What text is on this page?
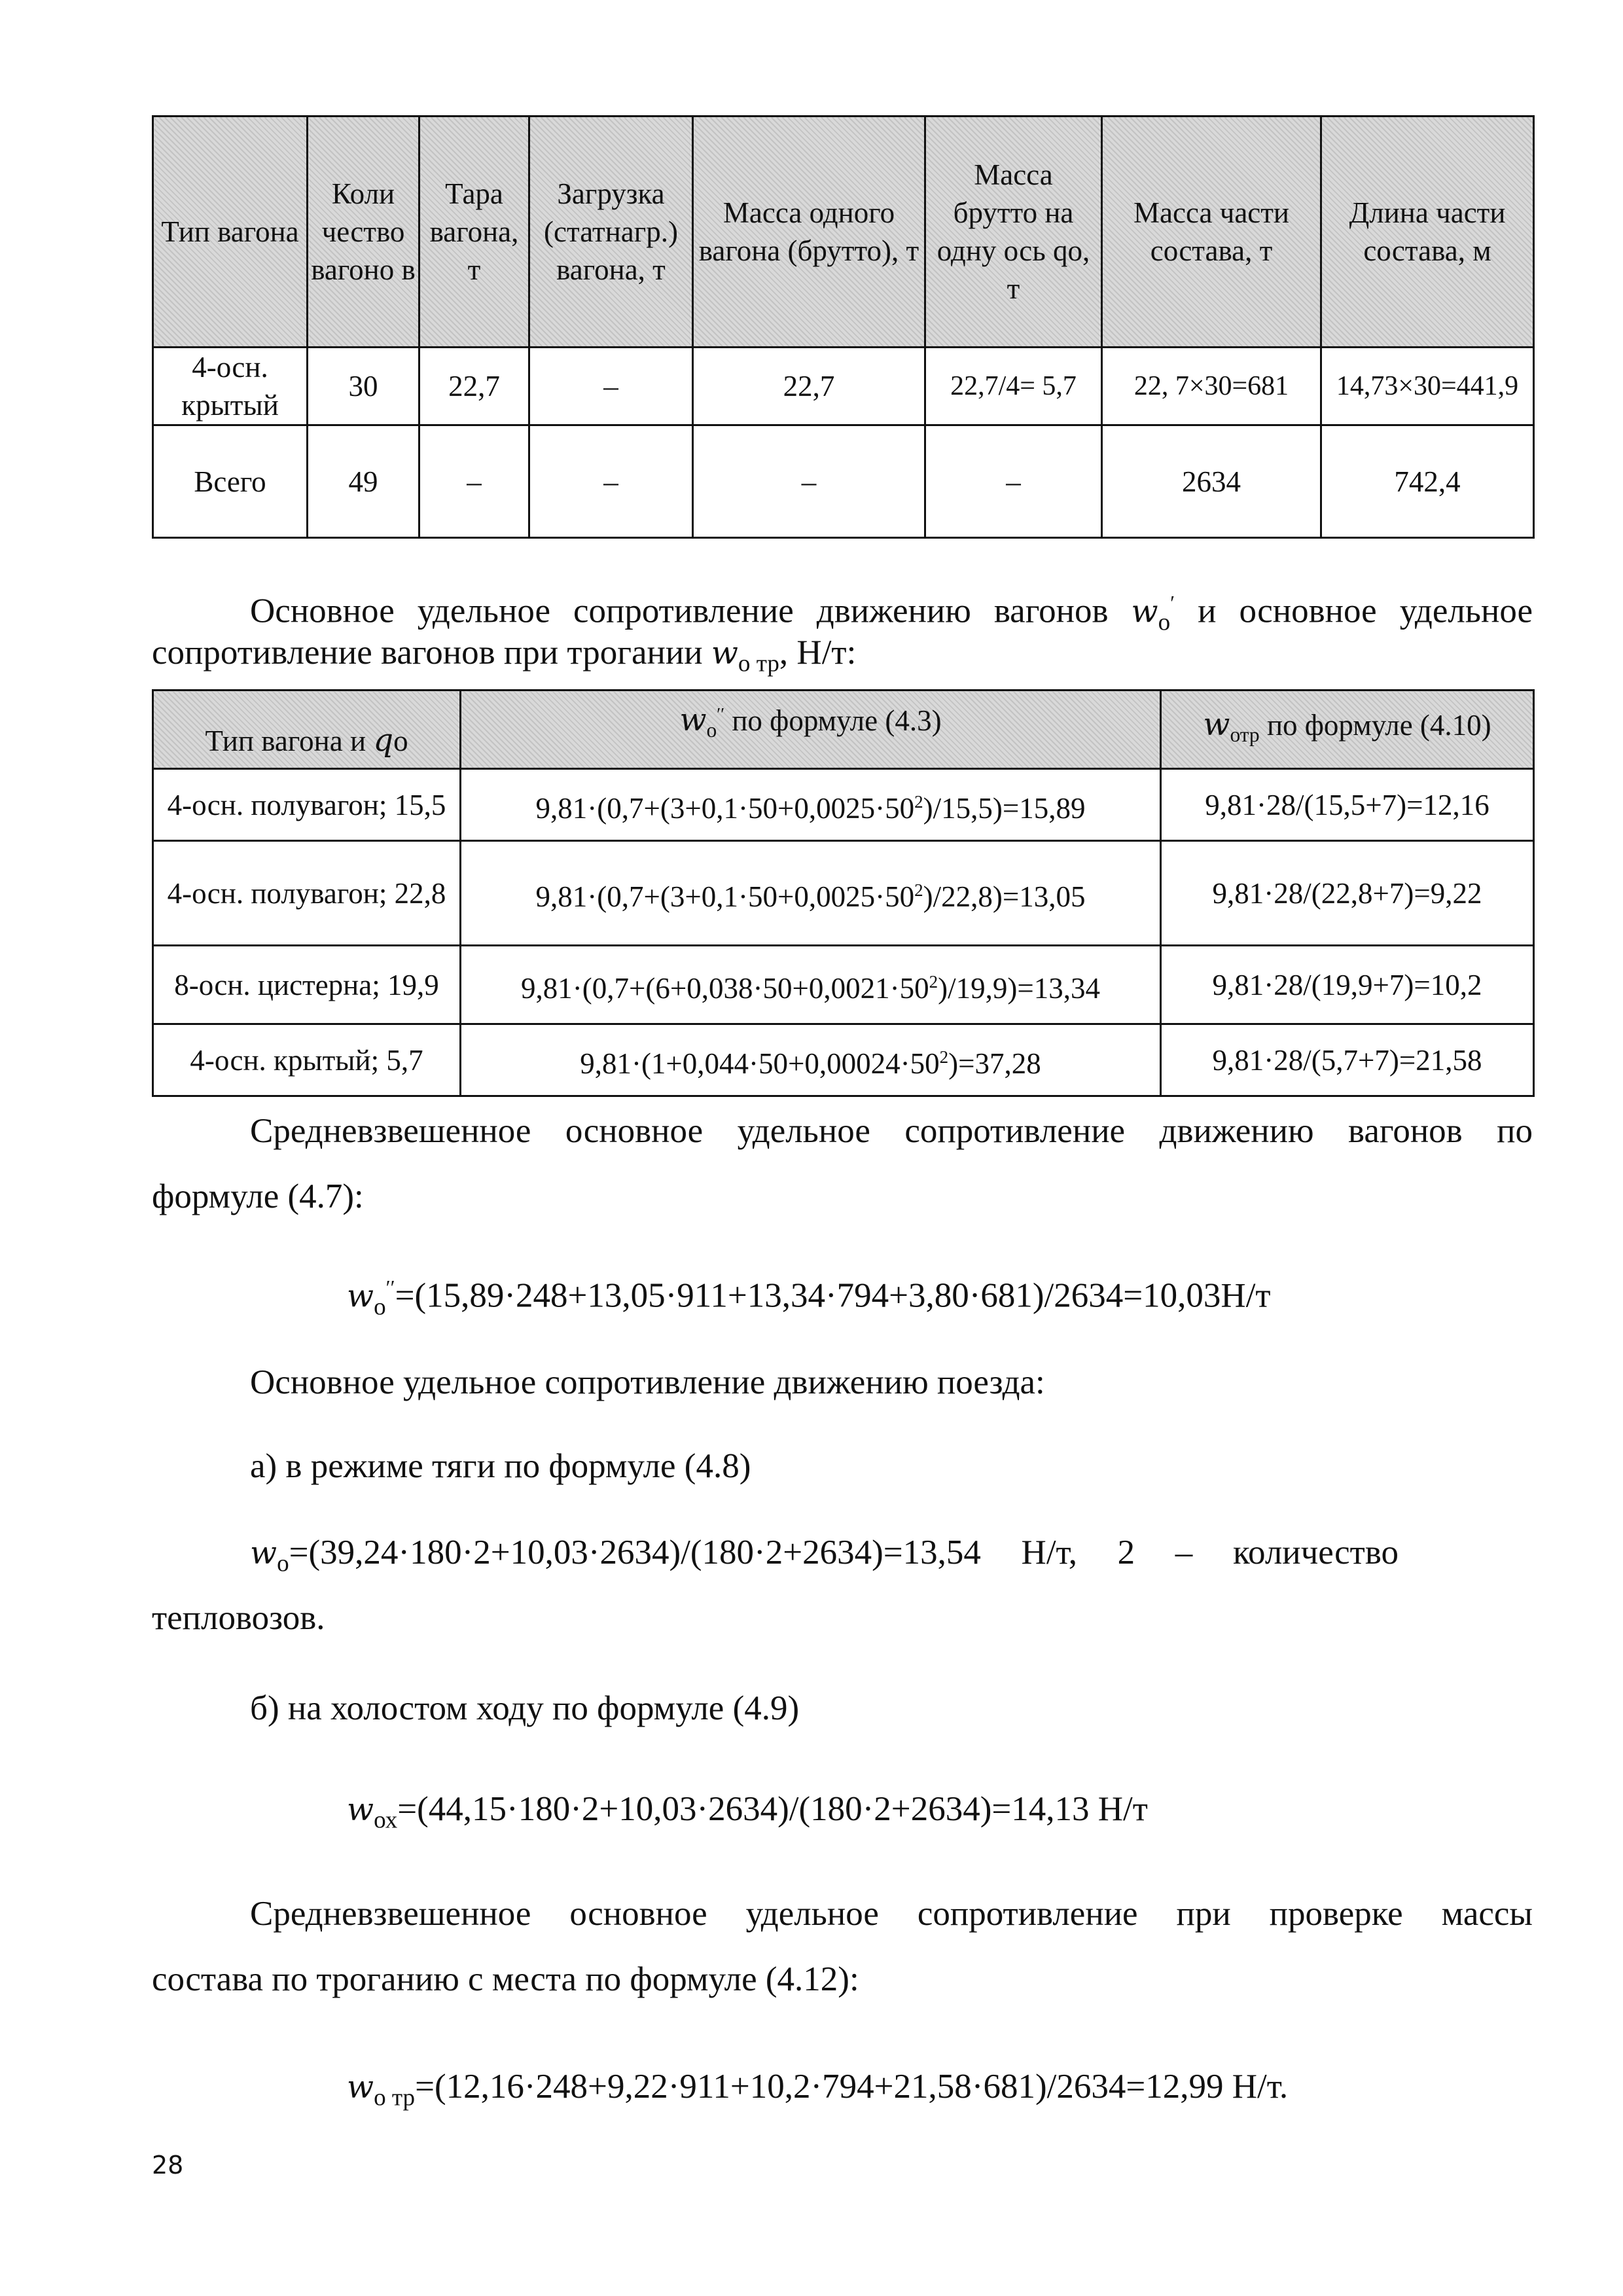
Тип вагона	Коли чество вагоно в	Тара вагона, т	Загрузка (статнагр.) вагона, т	Масса одного вагона (брутто), т	Масса брутто на одну ось qо, т	Масса части состава, т	Длина части состава, м
4-осн. крытый	30	22,7	–	22,7	22,7/4= 5,7	22, 7×30=681	14,73×30=441,9
Всего	49	–	–	–	–	2634	742,4
Основное удельное сопротивление движению вагонов $w_о'$ и основное удельное
сопротивление вагонов при трогании $w_{о тр}$, Н/т:
Тип вагона и qо	$w_о''$ по формуле (4.3)	$w_{отр}$ по формуле (4.10)
4-осн. полувагон; 15,5	$9,81\cdot(0,7+(3+0,1\cdot 50+0,0025\cdot 50^2)/15,5)=15,89$	9,81·28/(15,5+7)=12,16
4-осн. полувагон; 22,8	$9,81\cdot(0,7+(3+0,1\cdot 50+0,0025\cdot 50^2)/22,8)=13,05$	9,81·28/(22,8+7)=9,22
8-осн. цистерна; 19,9	$9,81\cdot(0,7+(6+0,038\cdot 50+0,0021\cdot 50^2)/19,9)=13,34$	9,81·28/(19,9+7)=10,2
4-осн. крытый; 5,7	$9,81\cdot(1+0,044\cdot 50+0,00024\cdot 50^2)=37,28$	9,81·28/(5,7+7)=21,58
Средневзвешенное основное удельное сопротивление движению вагонов по
формуле (4.7):
$w_о''=(15,89\cdot 248+13,05\cdot 911+13,34\cdot 794+3,80\cdot 681)/2634=10,03Н/т$
Основное удельное сопротивление движению поезда:
а) в режиме тяги по формуле (4.8)
$w_о=(39,24\cdot 180\cdot 2+10,03\cdot 2634)/(180\cdot 2+2634)=13,54$ Н/т, 2 – количество
тепловозов.
б) на холостом ходу по формуле (4.9)
$w_{ох}=(44,15\cdot 180\cdot 2+10,03\cdot 2634)/(180\cdot 2+2634)=14,13$ Н/т
Средневзвешенное основное удельное сопротивление при проверке массы
состава по троганию с места по формуле (4.12):
$w_{о тр}=(12,16\cdot 248+9,22\cdot 911+10,2\cdot 794+21,58\cdot 681)/2634=12,99$ Н/т.
28
